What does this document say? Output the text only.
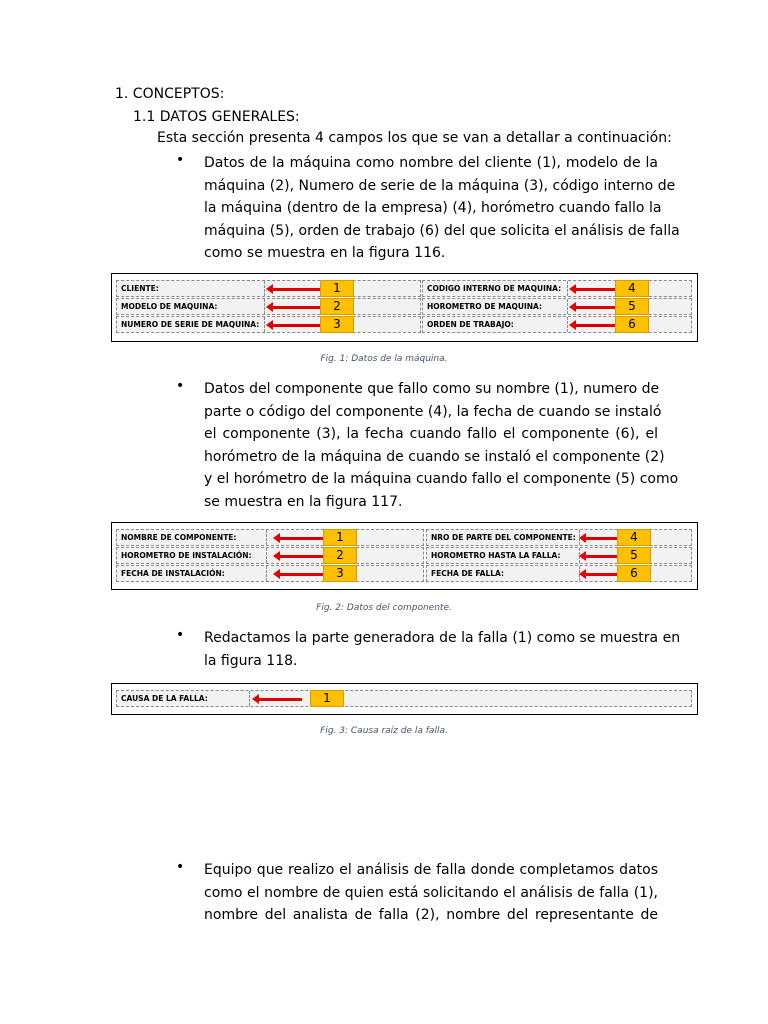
1. CONCEPTOS:
1.1 DATOS GENERALES:
Esta sección presenta 4 campos los que se van a detallar a continuación:
• Datos de la máquina como nombre del cliente (1), modelo de la
máquina (2), Numero de serie de la máquina (3), código interno de
la máquina (dentro de la empresa) (4), horómetro cuando fallo la
máquina (5), orden de trabajo (6) del que solicita el análisis de falla
como se muestra en la figura 116.
CLIENTE:
MODELO DE MAQUINA:
NUMERO DE SERIE DE MAQUINA:
CODIGO INTERNO DE MAQUINA:
HOROMETRO DE MAQUINA:
ORDEN DE TRABAJO:
1
2
3
4
5
6
Fig. 1: Datos de la máquina.
• Datos del componente que fallo como su nombre (1), numero de
parte o código del componente (4), la fecha de cuando se instaló
el componente (3), la fecha cuando fallo el componente (6), el
horómetro de la máquina de cuando se instaló el componente (2)
y el horómetro de la máquina cuando fallo el componente (5) como
se muestra en la figura 117.
NOMBRE DE COMPONENTE:
HOROMETRO DE INSTALACIÓN:
FECHA DE INSTALACIÓN:
NRO DE PARTE DEL COMPONENTE:
HOROMETRO HASTA LA FALLA:
FECHA DE FALLA:
1
2
3
4
5
6
Fig. 2: Datos del componente.
• Redactamos la parte generadora de la falla (1) como se muestra en
la figura 118.
CAUSA DE LA FALLA:	1
Fig. 3: Causa raíz de la falla.
• Equipo que realizo el análisis de falla donde completamos datos
como el nombre de quien está solicitando el análisis de falla (1),
nombre del analista de falla (2), nombre del representante de
